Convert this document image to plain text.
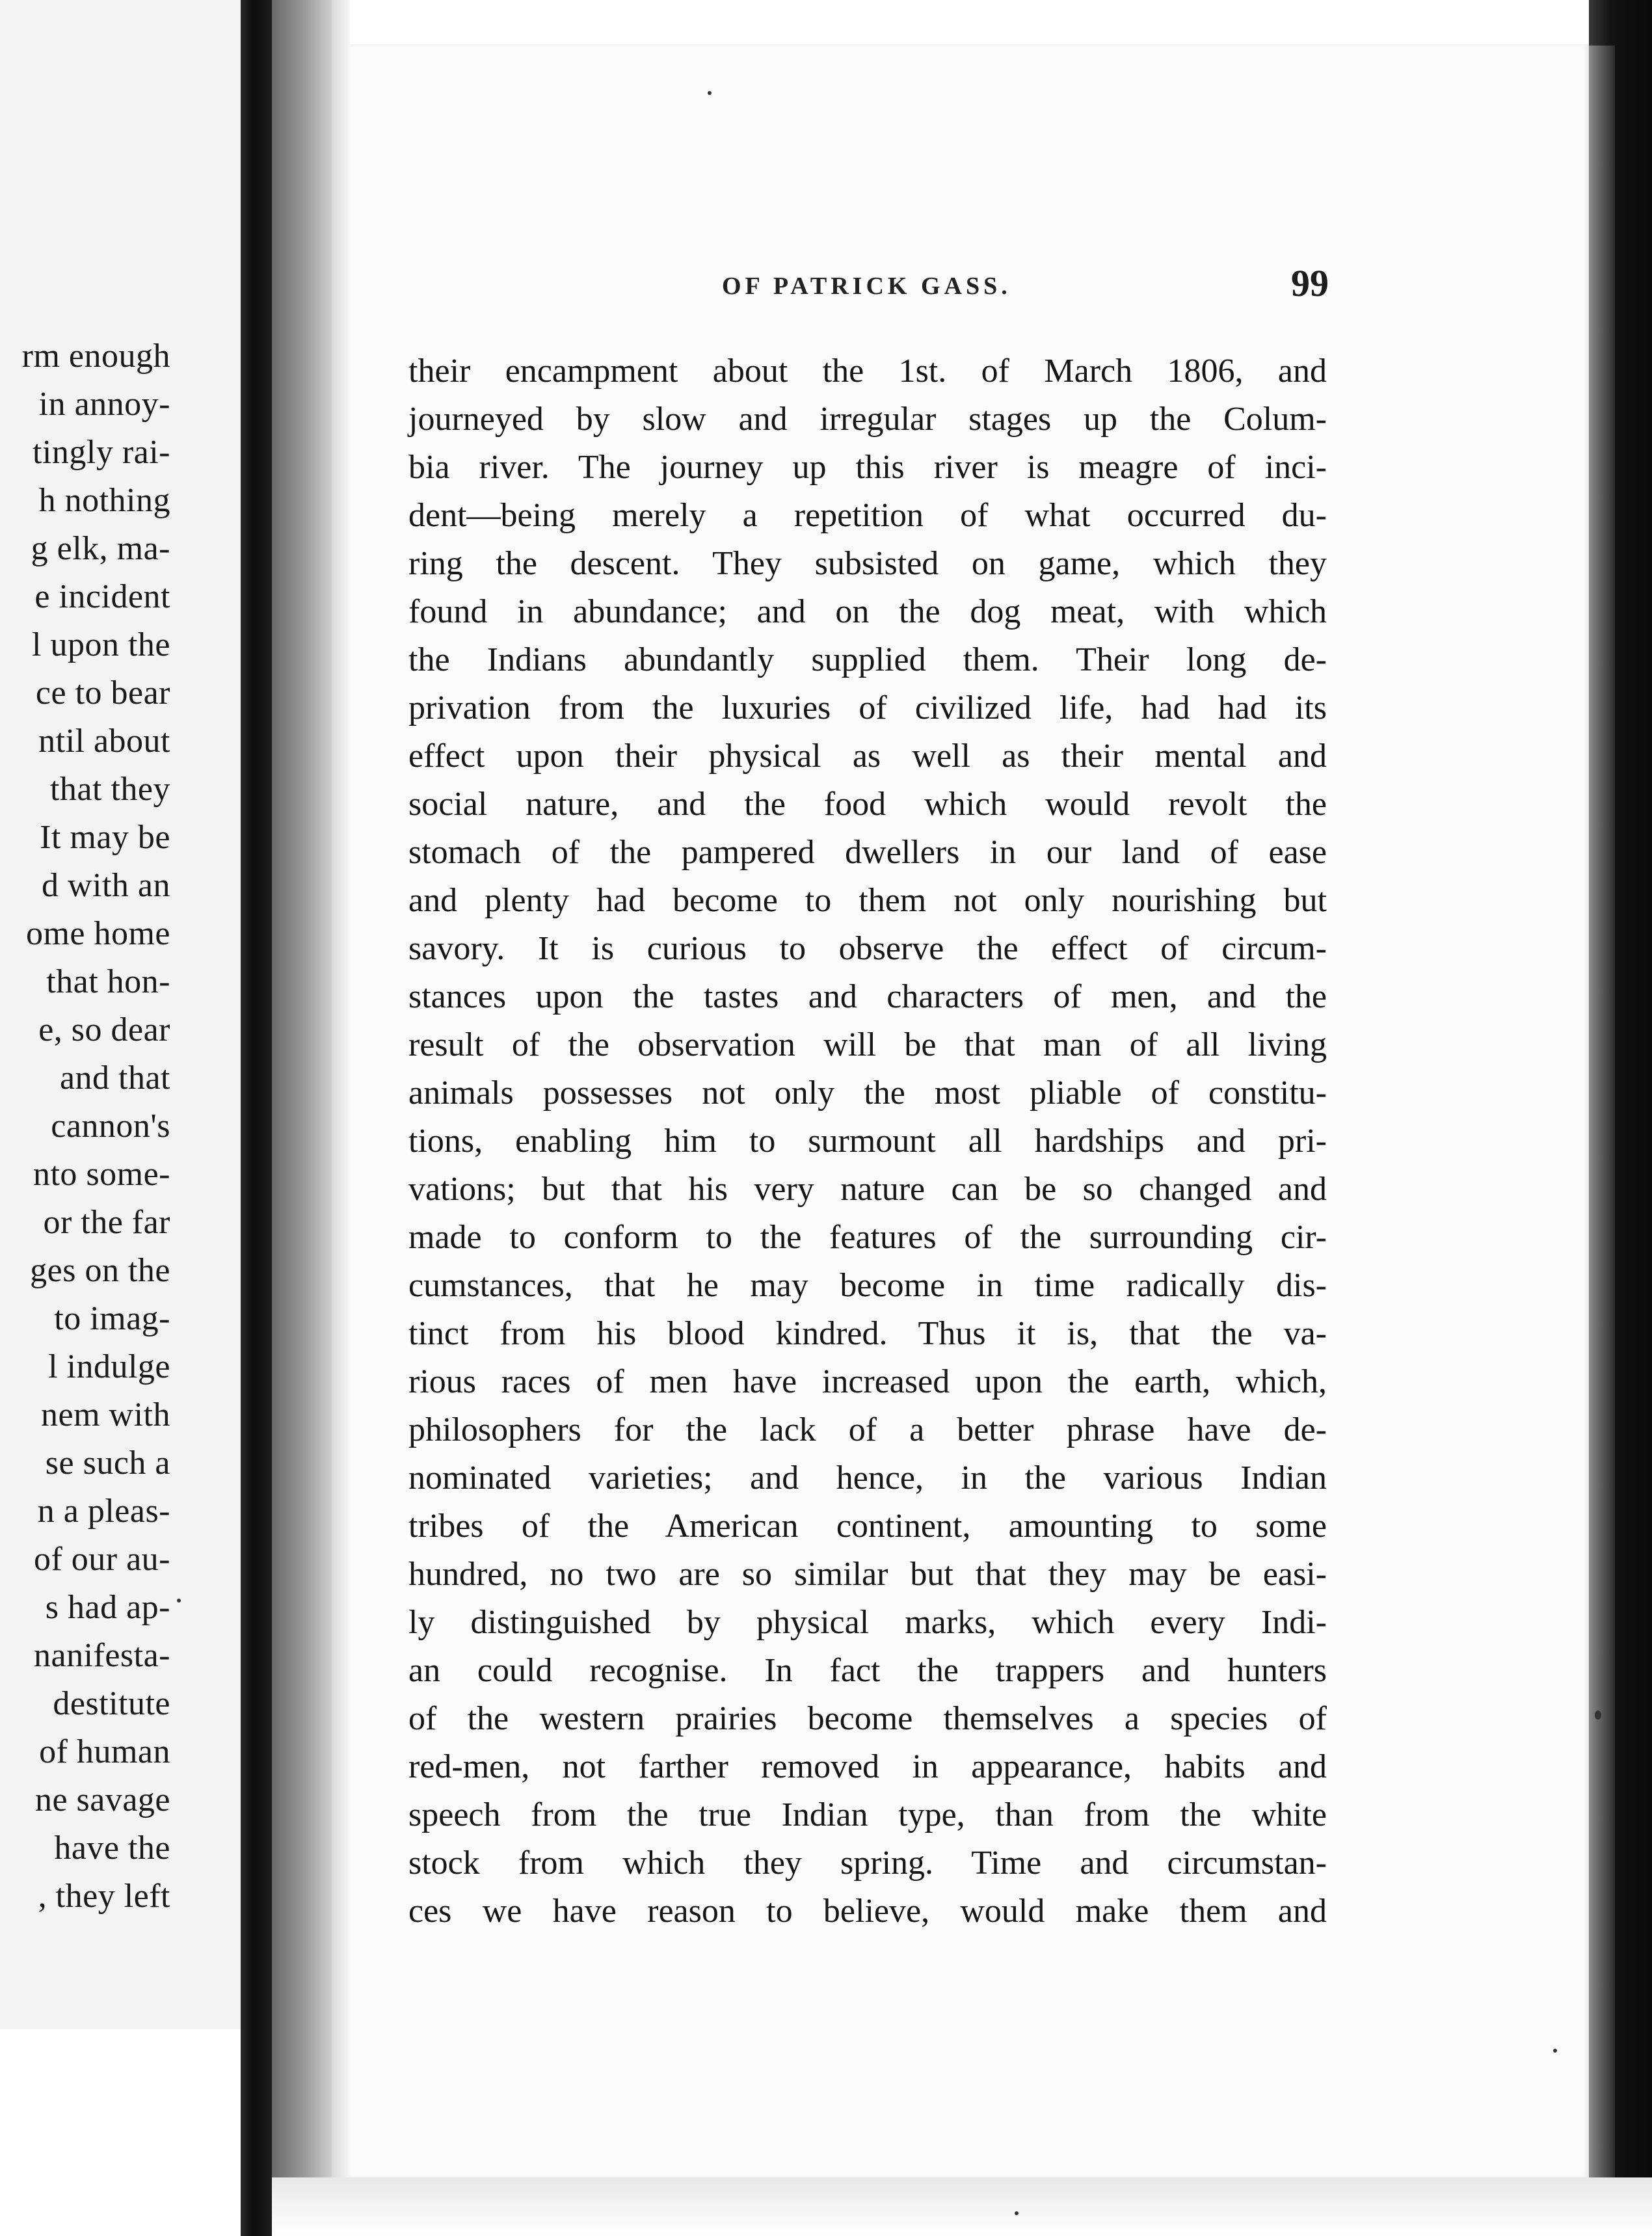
rm enough
in annoy-
tingly rai-
h nothing
g elk, ma-
e incident
l upon the
ce to bear
ntil about
that they
It may be
d with an
ome home
that hon-
e, so dear
and that
cannon's
nto some-
or the far
ges on the
to imag-
l indulge
nem with
se such a
n a pleas-
of our au-
s had ap-
nanifesta-
destitute
of human
ne savage
have the
, they left
OF PATRICK GASS.	99
their encampment about the 1st. of March 1806, and
journeyed by slow and irregular stages up the Colum-
bia river. The journey up this river is meagre of inci-
dent—being merely a repetition of what occurred du-
ring the descent. They subsisted on game, which they
found in abundance; and on the dog meat, with which
the Indians abundantly supplied them. Their long de-
privation from the luxuries of civilized life, had had its
effect upon their physical as well as their mental and
social nature, and the food which would revolt the
stomach of the pampered dwellers in our land of ease
and plenty had become to them not only nourishing but
savory. It is curious to observe the effect of circum-
stances upon the tastes and characters of men, and the
result of the observation will be that man of all living
animals possesses not only the most pliable of constitu-
tions, enabling him to surmount all hardships and pri-
vations; but that his very nature can be so changed and
made to conform to the features of the surrounding cir-
cumstances, that he may become in time radically dis-
tinct from his blood kindred. Thus it is, that the va-
rious races of men have increased upon the earth, which,
philosophers for the lack of a better phrase have de-
nominated varieties; and hence, in the various Indian
tribes of the American continent, amounting to some
hundred, no two are so similar but that they may be easi-
ly distinguished by physical marks, which every Indi-
an could recognise. In fact the trappers and hunters
of the western prairies become themselves a species of
red-men, not farther removed in appearance, habits and
speech from the true Indian type, than from the white
stock from which they spring. Time and circumstan-
ces we have reason to believe, would make them and
